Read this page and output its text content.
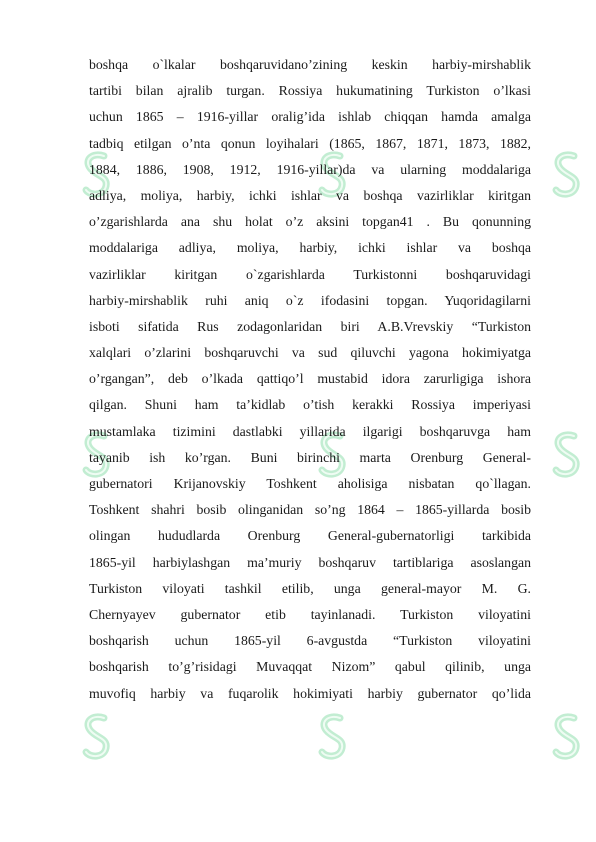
boshqa o`lkalar boshqaruvidano’zining keskin harbiy-mirshablik
tartibi bilan ajralib turgan. Rossiya hukumatining Turkiston o’lkasi
uchun 1865 – 1916-yillar oralig’ida ishlab chiqqan hamda amalga
tadbiq etilgan o’nta qonun loyihalari (1865, 1867, 1871, 1873, 1882,
1884, 1886, 1908, 1912, 1916-yillar)da va ularning moddalariga
adliya, moliya, harbiy, ichki ishlar va boshqa vazirliklar kiritgan
o’zgarishlarda ana shu holat o’z aksini topgan41 . Bu qonunning
moddalariga adliya, moliya, harbiy, ichki ishlar va boshqa
vazirliklar kiritgan o`zgarishlarda Turkistonni boshqaruvidagi
harbiy-mirshablik ruhi aniq o`z ifodasini topgan. Yuqoridagilarni
isboti sifatida Rus zodagonlaridan biri A.B.Vrevskiy “Turkiston
xalqlari o’zlarini boshqaruvchi va sud qiluvchi yagona hokimiyatga
o’rgangan”, deb o’lkada qattiqo’l mustabid idora zarurligiga ishora
qilgan. Shuni ham ta’kidlab o’tish kerakki Rossiya imperiyasi
mustamlaka tizimini dastlabki yillarida ilgarigi boshqaruvga ham
tayanib ish ko’rgan. Buni birinchi marta Orenburg General-
gubernatori Krijanovskiy Toshkent aholisiga nisbatan qo`llagan.
Toshkent shahri bosib olinganidan so’ng 1864 – 1865-yillarda bosib
olingan hududlarda Orenburg General-gubernatorligi tarkibida
1865-yil harbiylashgan ma’muriy boshqaruv tartiblariga asoslangan
Turkiston viloyati tashkil etilib, unga general-mayor M. G.
Chernyayev gubernator etib tayinlanadi. Turkiston viloyatini
boshqarish uchun 1865-yil 6-avgustda “Turkiston viloyatini
boshqarish to’g’risidagi Muvaqqat Nizom” qabul qilinib, unga
muvofiq harbiy va fuqarolik hokimiyati harbiy gubernator qo’lida
